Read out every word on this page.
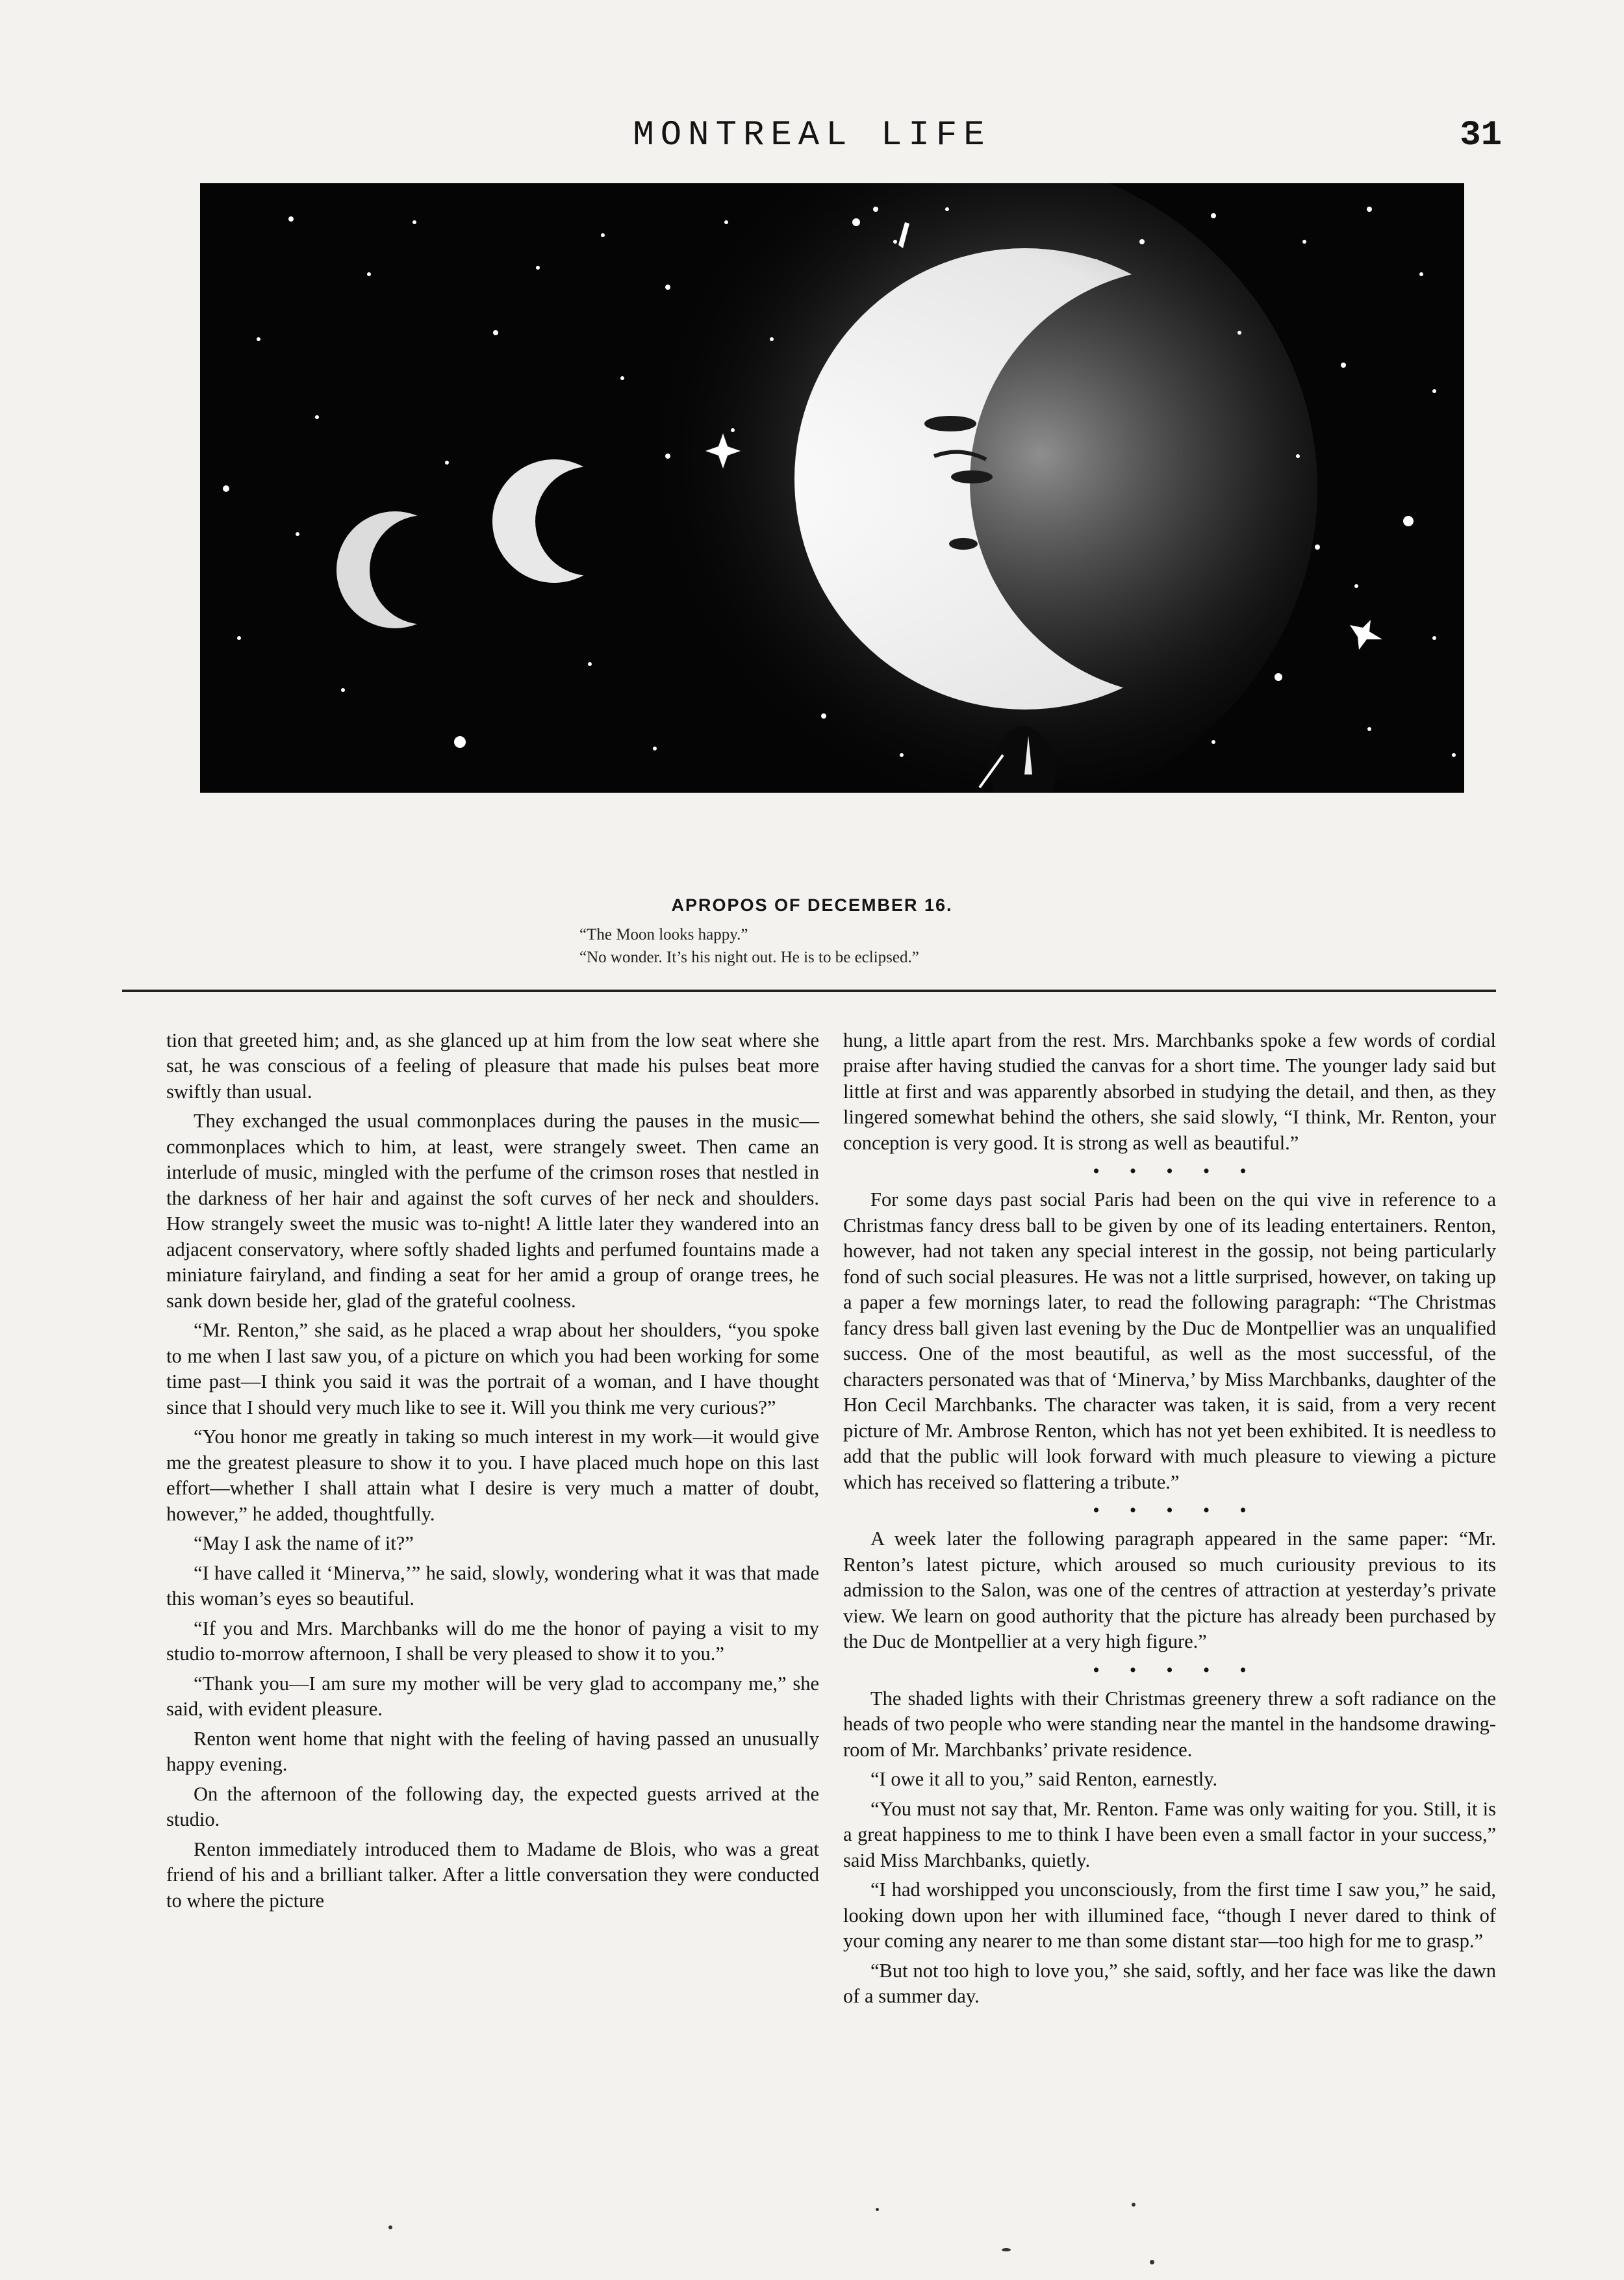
MONTREAL LIFE	31
APROPOS OF DECEMBER 16.
“The Moon looks happy.”
“No wonder. It’s his night out. He is to be eclipsed.”

tion that greeted him; and, as she glanced up at him from the low seat where she sat, he was conscious of a feeling of pleasure that made his pulses beat more swiftly than usual.

They exchanged the usual commonplaces during the pauses in the music—commonplaces which to him, at least, were strangely sweet. Then came an interlude of music, mingled with the perfume of the crimson roses that nestled in the darkness of her hair and against the soft curves of her neck and shoulders. How strangely sweet the music was to-night! A little later they wandered into an adjacent conservatory, where softly shaded lights and perfumed fountains made a miniature fairyland, and finding a seat for her amid a group of orange trees, he sank down beside her, glad of the grateful coolness.

“Mr. Renton,” she said, as he placed a wrap about her shoulders, “you spoke to me when I last saw you, of a picture on which you had been working for some time past—I think you said it was the portrait of a woman, and I have thought since that I should very much like to see it. Will you think me very curious?”

“You honor me greatly in taking so much interest in my work—it would give me the greatest pleasure to show it to you. I have placed much hope on this last effort—whether I shall attain what I desire is very much a matter of doubt, however,” he added, thoughtfully.

“May I ask the name of it?”

“I have called it ‘Minerva,’” he said, slowly, wondering what it was that made this woman’s eyes so beautiful.

“If you and Mrs. Marchbanks will do me the honor of paying a visit to my studio to-morrow afternoon, I shall be very pleased to show it to you.”

“Thank you—I am sure my mother will be very glad to accompany me,” she said, with evident pleasure.

Renton went home that night with the feeling of having passed an unusually happy evening.

On the afternoon of the following day, the expected guests arrived at the studio.

Renton immediately introduced them to Madame de Blois, who was a great friend of his and a brilliant talker. After a little conversation they were conducted to where the picture

hung, a little apart from the rest. Mrs. Marchbanks spoke a few words of cordial praise after having studied the canvas for a short time. The younger lady said but little at first and was apparently absorbed in studying the detail, and then, as they lingered somewhat behind the others, she said slowly, “I think, Mr. Renton, your conception is very good. It is strong as well as beautiful.”

•••••

For some days past social Paris had been on the qui vive in reference to a Christmas fancy dress ball to be given by one of its leading entertainers. Renton, however, had not taken any special interest in the gossip, not being particularly fond of such social pleasures. He was not a little surprised, however, on taking up a paper a few mornings later, to read the following paragraph: “The Christmas fancy dress ball given last evening by the Duc de Montpellier was an unqualified success. One of the most beautiful, as well as the most successful, of the characters personated was that of ‘Minerva,’ by Miss Marchbanks, daughter of the Hon Cecil Marchbanks. The character was taken, it is said, from a very recent picture of Mr. Ambrose Renton, which has not yet been exhibited. It is needless to add that the public will look forward with much pleasure to viewing a picture which has received so flattering a tribute.”

•••••

A week later the following paragraph appeared in the same paper: “Mr. Renton’s latest picture, which aroused so much curiousity previous to its admission to the Salon, was one of the centres of attraction at yesterday’s private view. We learn on good authority that the picture has already been purchased by the Duc de Montpellier at a very high figure.”

•••••

The shaded lights with their Christmas greenery threw a soft radiance on the heads of two people who were standing near the mantel in the handsome drawing-room of Mr. Marchbanks’ private residence.

“I owe it all to you,” said Renton, earnestly.

“You must not say that, Mr. Renton. Fame was only waiting for you. Still, it is a great happiness to me to think I have been even a small factor in your success,” said Miss Marchbanks, quietly.

“I had worshipped you unconsciously, from the first time I saw you,” he said, looking down upon her with illumined face, “though I never dared to think of your coming any nearer to me than some distant star—too high for me to grasp.”

“But not too high to love you,” she said, softly, and her face was like the dawn of a summer day.
